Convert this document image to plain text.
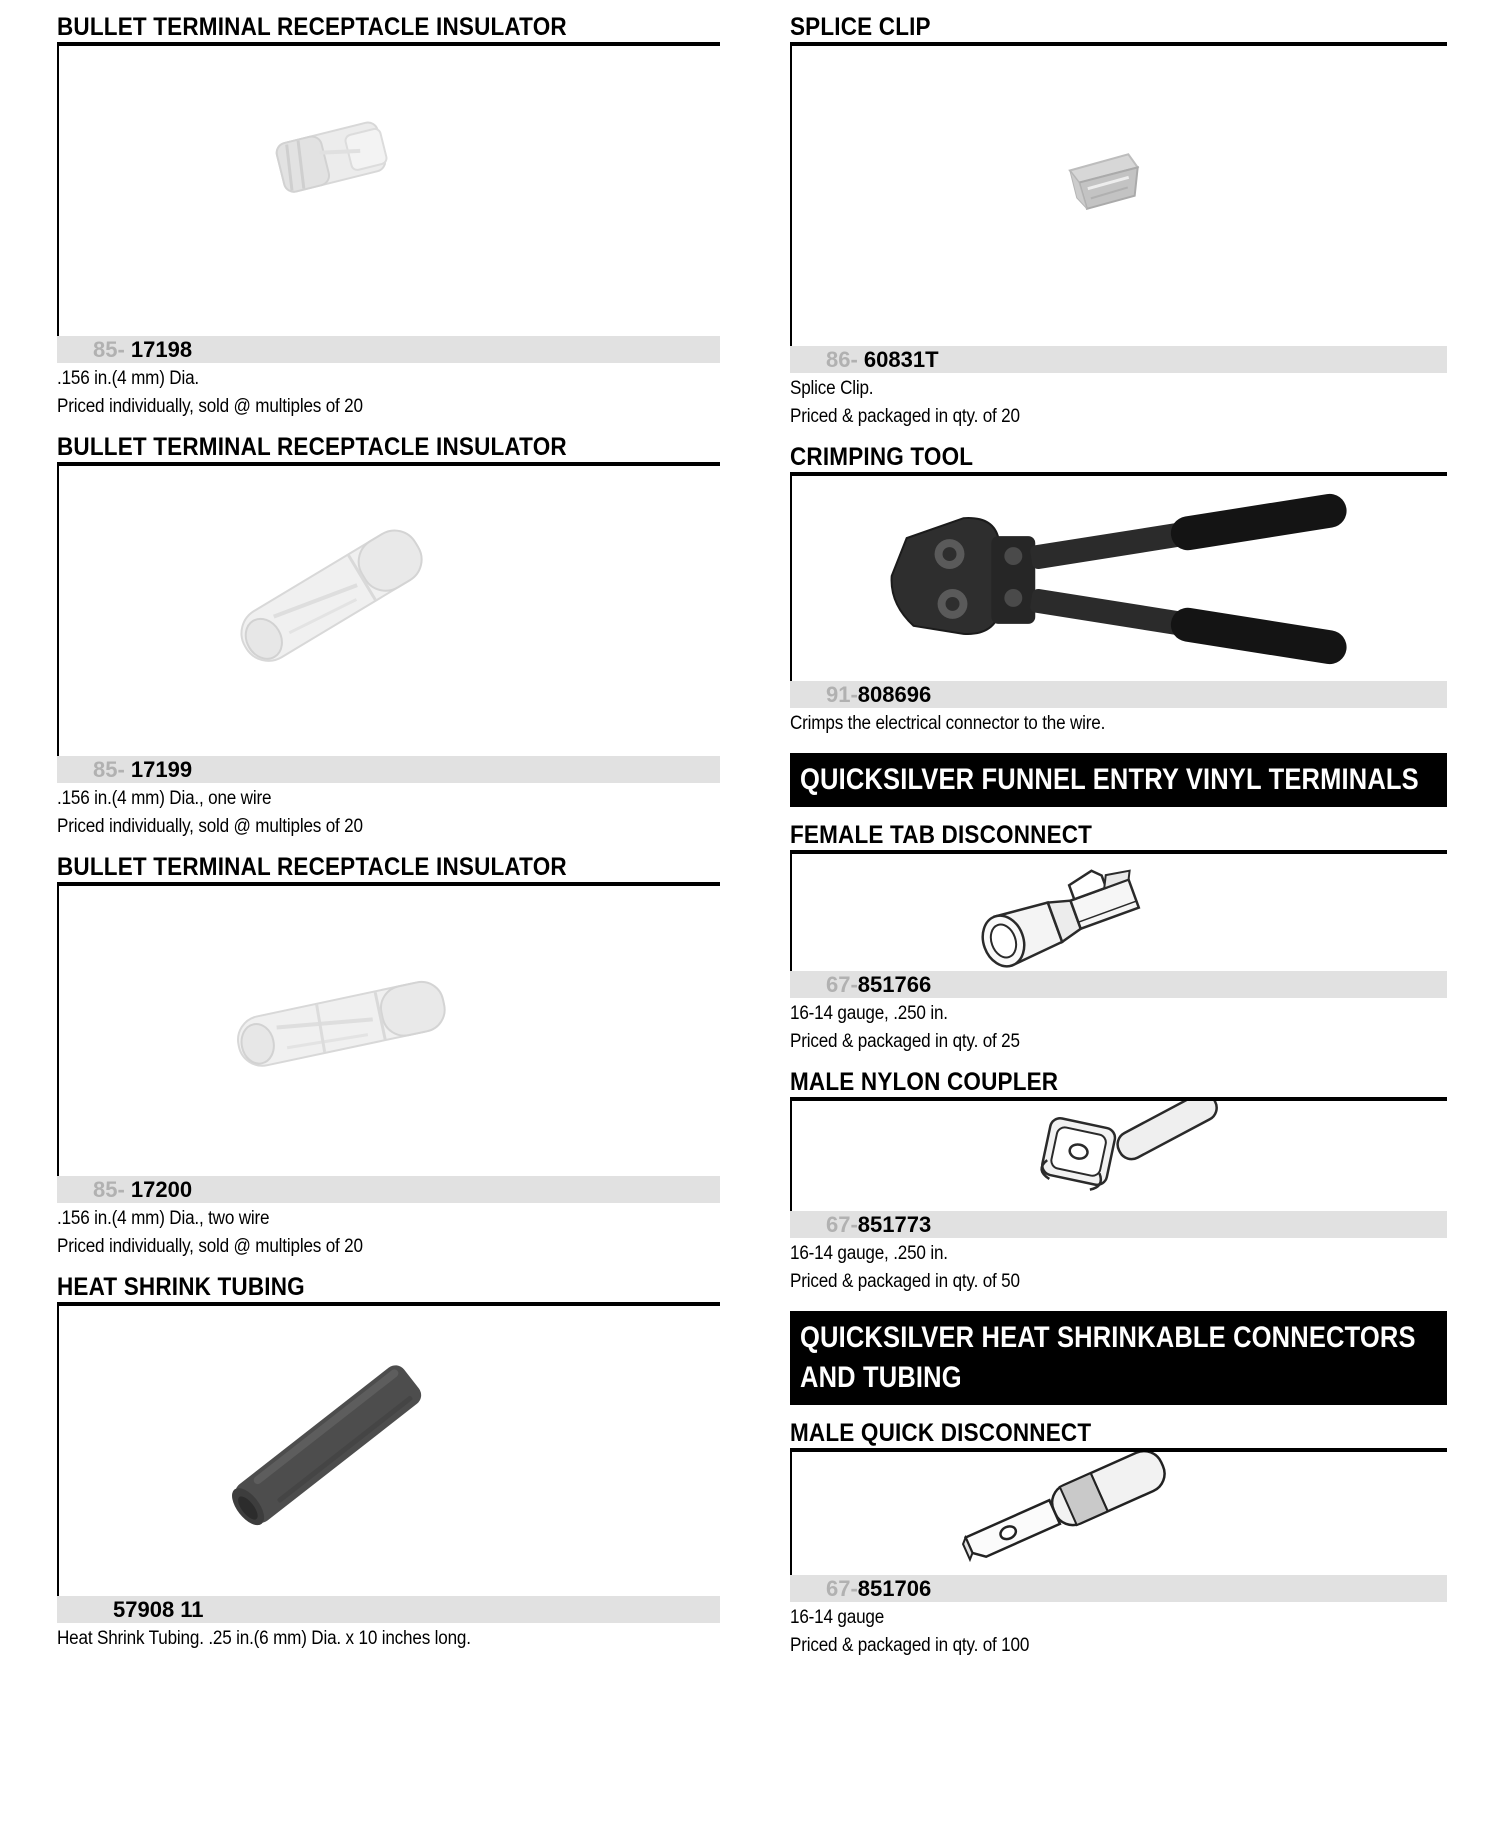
BULLET TERMINAL RECEPTACLE INSULATOR
85- 17198

.156 in.(4 mm) Dia.

Priced individually, sold @ multiples of 20

BULLET TERMINAL RECEPTACLE INSULATOR
85- 17199

.156 in.(4 mm) Dia., one wire

Priced individually, sold @ multiples of 20

BULLET TERMINAL RECEPTACLE INSULATOR
85- 17200

.156 in.(4 mm) Dia., two wire

Priced individually, sold @ multiples of 20

HEAT SHRINK TUBING
57908 11

Heat Shrink Tubing. .25 in.(6 mm) Dia. x 10 inches long.

SPLICE CLIP
86- 60831T

Splice Clip.

Priced & packaged in qty. of 20

CRIMPING TOOL
91- 808696

Crimps the electrical connector to the wire.

QUICKSILVER FUNNEL ENTRY VINYL TERMINALS
FEMALE TAB DISCONNECT
67- 851766

16-14 gauge, .250 in.

Priced & packaged in qty. of 25

MALE NYLON COUPLER
67- 851773

16-14 gauge, .250 in.

Priced & packaged in qty. of 50

QUICKSILVER HEAT SHRINKABLE CONNECTORS AND TUBING
MALE QUICK DISCONNECT
67- 851706

16-14 gauge

Priced & packaged in qty. of 100
